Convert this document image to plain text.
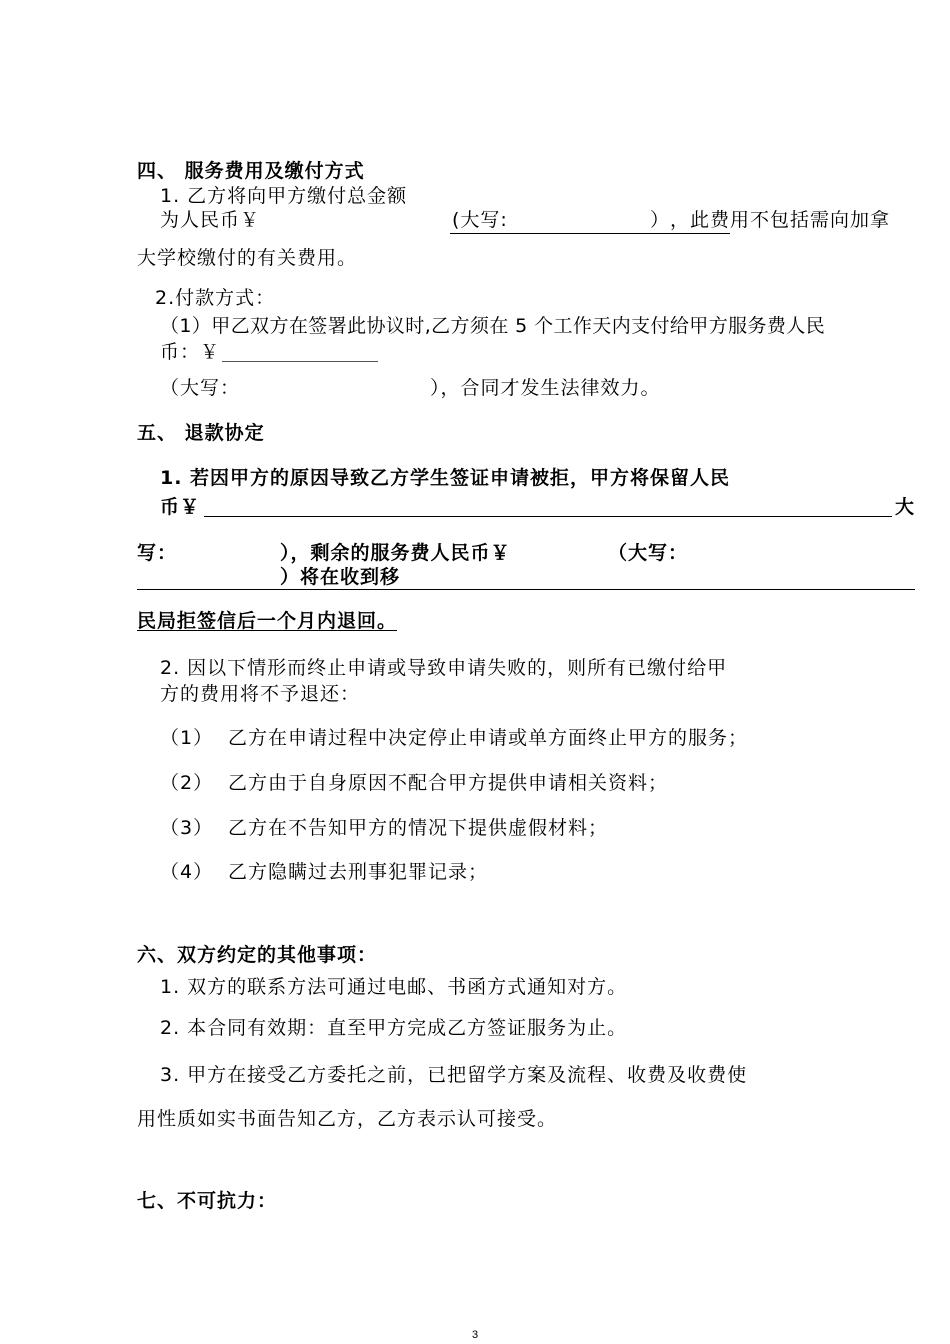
四、 服务费用及缴付方式
1. 乙方将向甲方缴付总金额
为人民币￥	(大写:	） ，此费用不包括需向加拿
大学校缴付的有关费用。
2.付款方式：
（1）甲乙双方在签署此协议时,乙方须在 5 个工作天内支付给甲方服务费人民
币：￥
（大写：	），合同才发生法律效力。
五、 退款协定
1. 若因甲方的原因导致乙方学生签证申请被拒，甲方将保留人民
币￥	大
写：	），剩余的服务费人民币￥	（大写：
）将在收到移
民局拒签信后一个月内退回。
2. 因以下情形而终止申请或导致申请失败的，则所有已缴付给甲
方的费用将不予退还：
（1） 乙方在申请过程中决定停止申请或单方面终止甲方的服务；
（2） 乙方由于自身原因不配合甲方提供申请相关资料；
（3） 乙方在不告知甲方的情况下提供虚假材料；
（4） 乙方隐瞒过去刑事犯罪记录；
六、双方约定的其他事项：
1. 双方的联系方法可通过电邮、书函方式通知对方。
2. 本合同有效期：直至甲方完成乙方签证服务为止。
3. 甲方在接受乙方委托之前，已把留学方案及流程、收费及收费使
用性质如实书面告知乙方，乙方表示认可接受。
七、不可抗力：
3
